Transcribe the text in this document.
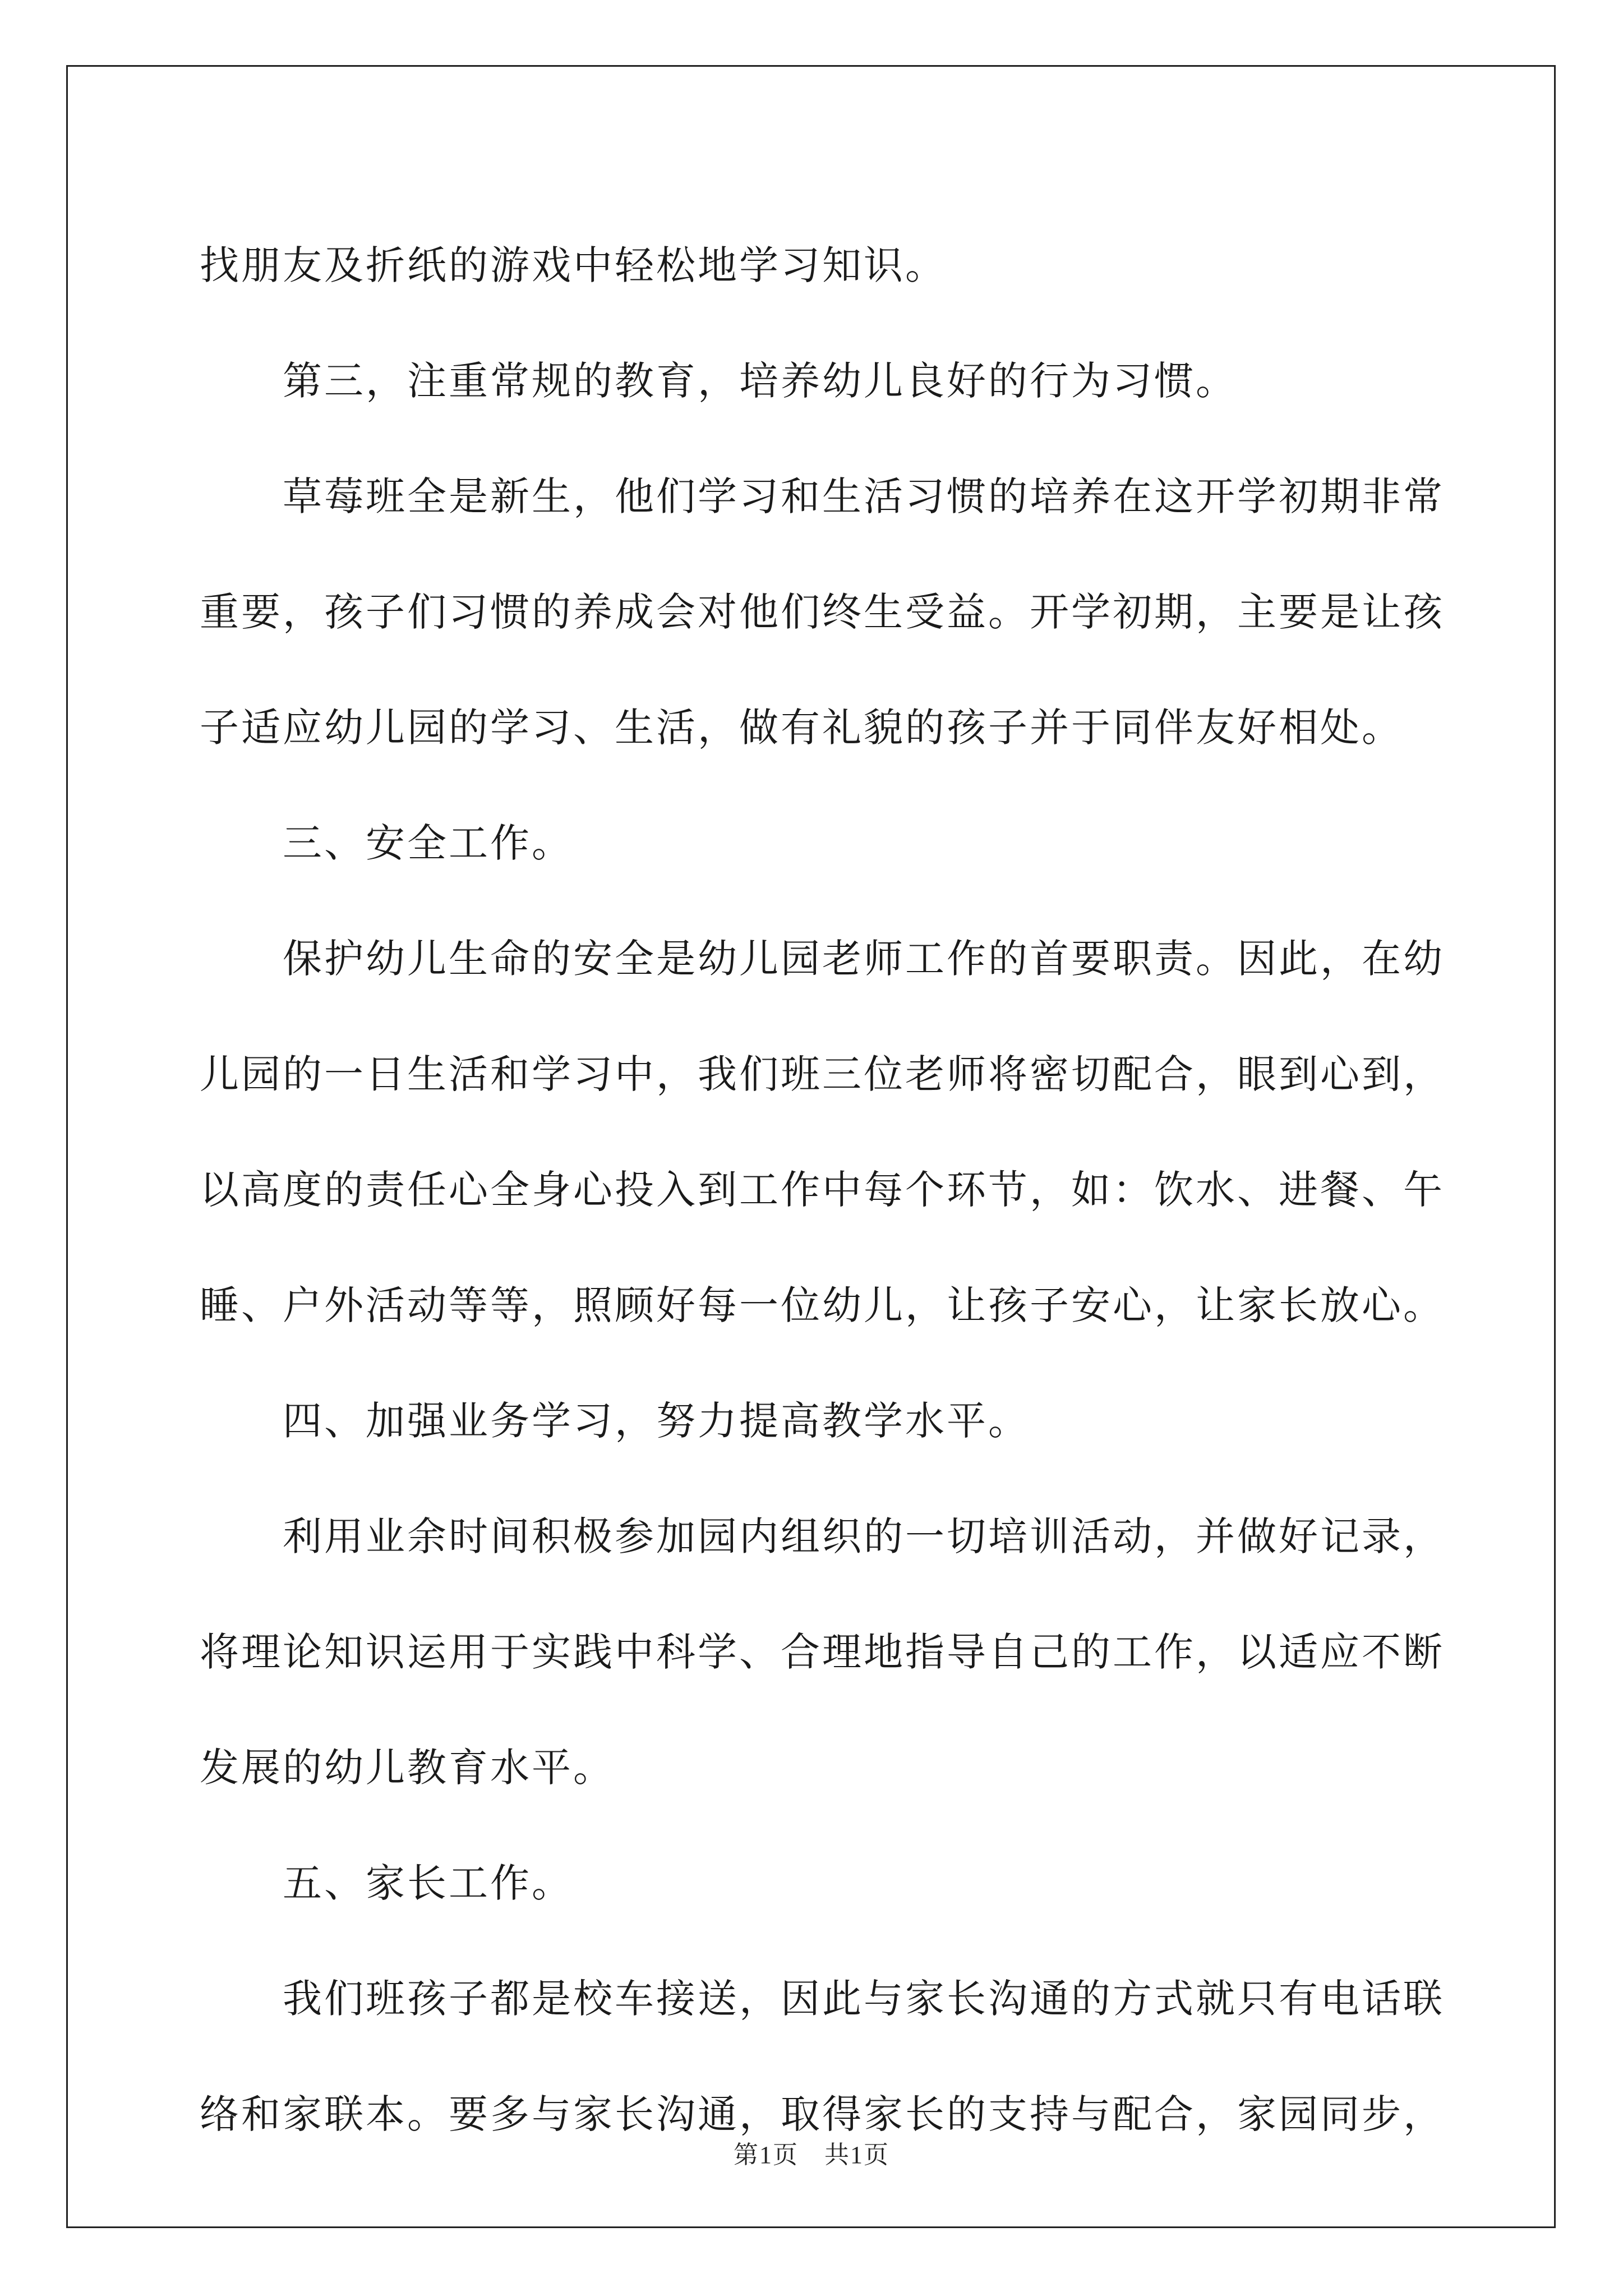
找朋友及折纸的游戏中轻松地学习知识。
第三，注重常规的教育，培养幼儿良好的行为习惯。
草莓班全是新生，他们学习和生活习惯的培养在这开学初期非常
重要，孩子们习惯的养成会对他们终生受益。开学初期，主要是让孩
子适应幼儿园的学习、生活，做有礼貌的孩子并于同伴友好相处。
三、安全工作。
保护幼儿生命的安全是幼儿园老师工作的首要职责。因此，在幼
儿园的一日生活和学习中，我们班三位老师将密切配合，眼到心到，
以高度的责任心全身心投入到工作中每个环节，如：饮水、进餐、午
睡、户外活动等等，照顾好每一位幼儿，让孩子安心，让家长放心。
四、加强业务学习，努力提高教学水平。
利用业余时间积极参加园内组织的一切培训活动，并做好记录，
将理论知识运用于实践中科学、合理地指导自己的工作，以适应不断
发展的幼儿教育水平。
五、家长工作。
我们班孩子都是校车接送，因此与家长沟通的方式就只有电话联
络和家联本。要多与家长沟通，取得家长的支持与配合，家园同步，

第1页　共1页
